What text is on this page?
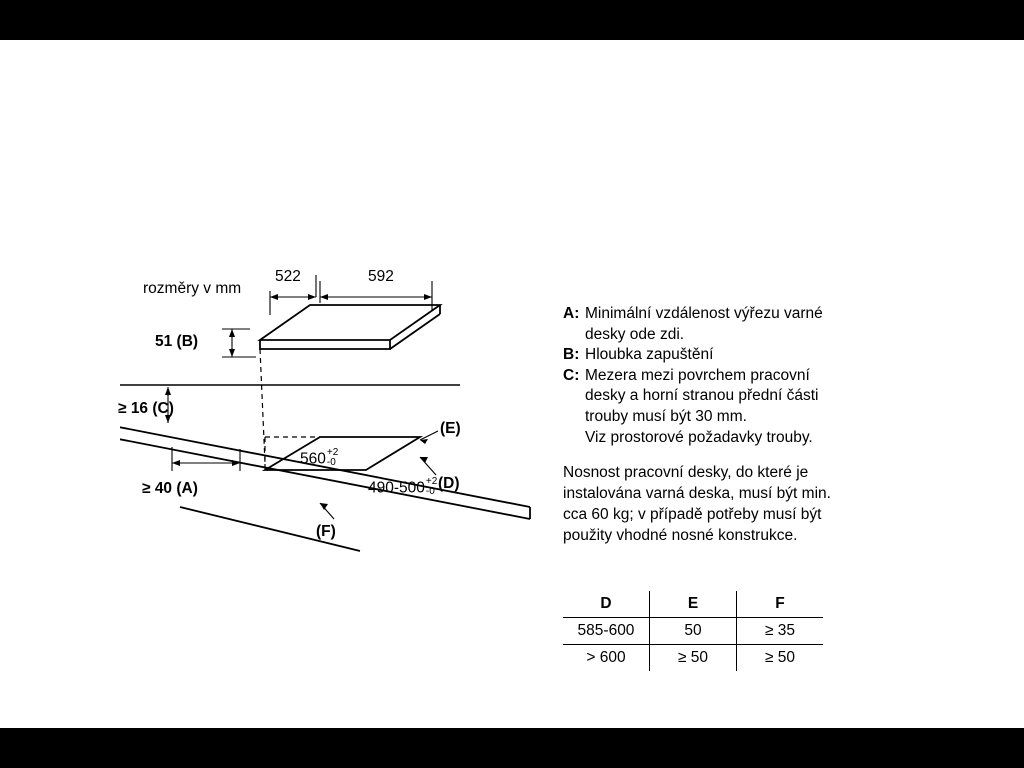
rozměry v mm
522	592
51 (B)
≥ 16 (C)
≥ 40 (A)
560 +2
-0
490-500 +2
-0
(E)
(D)
(F)
A: Minimální vzdálenost výřezu varné
desky ode zdi.
B: Hloubka zapuštění
C: Mezera mezi povrchem pracovní
desky a horní stranou přední části
trouby musí být 30 mm.
Viz prostorové požadavky trouby.
Nosnost pracovní desky, do které je
instalována varná deska, musí být min.
cca 60 kg; v případě potřeby musí být
použity vhodné nosné konstrukce.
D	E	F
585-600	50	≥ 35
> 600	≥ 50	≥ 50
